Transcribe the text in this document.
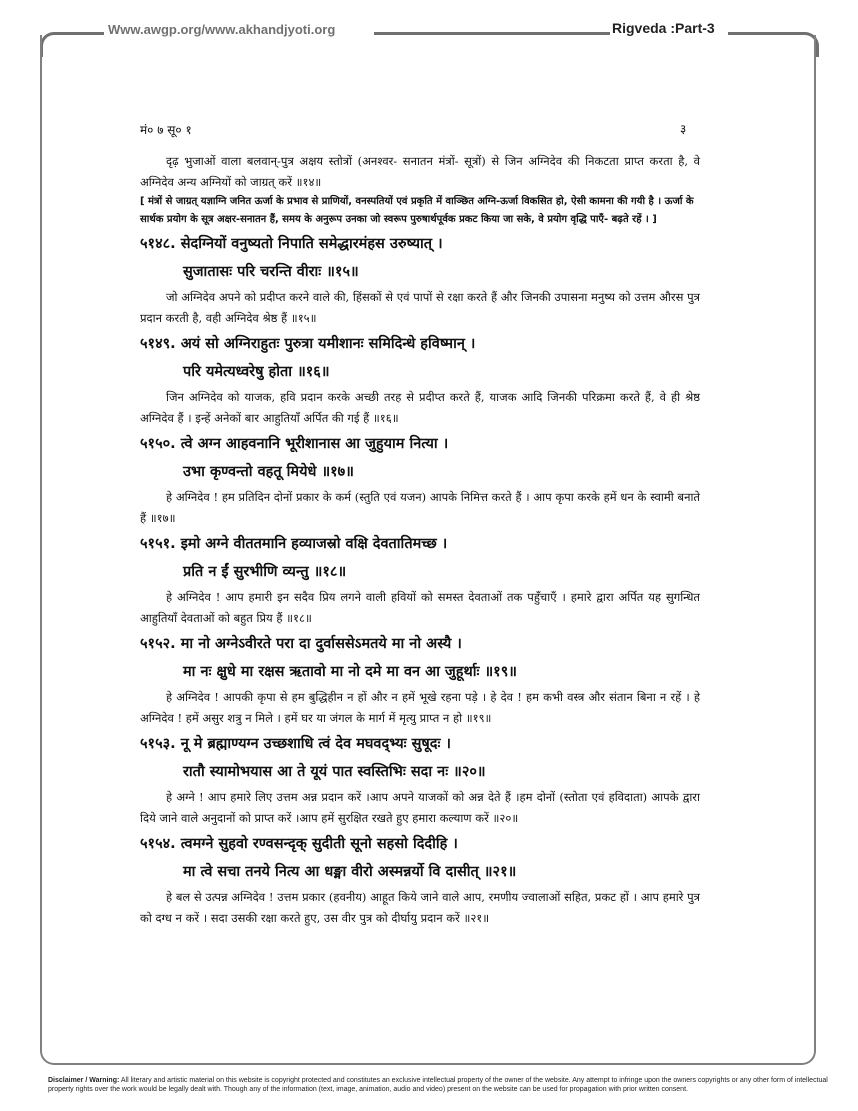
Www.awgp.org/www.akhandjyoti.org	Rigveda :Part-3
मं० ७ सू० १	३
दृढ़ भुजाओं वाला बलवान्-पुत्र अक्षय स्तोत्रों (अनश्वर- सनातन मंत्रों- सूत्रों) से जिन अग्निदेव की निकटता प्राप्त करता है, वे अग्निदेव अन्य अग्नियों को जाग्रत् करें ॥१४॥
[ मंत्रों से जाग्रत् यज्ञाग्नि जनित ऊर्जा के प्रभाव से प्राणियों, वनस्पतियों एवं प्रकृति में वाञ्छित अग्नि-ऊर्जा विकसित हो, ऐसी कामना की गयी है । ऊर्जा के सार्थक प्रयोग के सूत्र अक्षर-सनातन हैं, समय के अनुरूप उनका जो स्वरूप पुरुषार्थपूर्वक प्रकट किया जा सके, वे प्रयोग वृद्धि पाएँ- बढ़ते रहें । ]
५१४८. सेदग्नियों वनुष्यतो निपाति समेद्धारमंहस उरुष्यात् ।
सुजातासः परि चरन्ति वीराः ॥१५॥
जो अग्निदेव अपने को प्रदीप्त करने वाले की, हिंसकों से एवं पापों से रक्षा करते हैं और जिनकी उपासना मनुष्य को उत्तम औरस पुत्र प्रदान करती है, वही अग्निदेव श्रेष्ठ हैं ॥१५॥
५१४९. अयं सो अग्निराहुतः पुरुत्रा यमीशानः समिदिन्धे हविष्मान् ।
परि यमेत्यध्वरेषु होता ॥१६॥
जिन अग्निदेव को याजक, हवि प्रदान करके अच्छी तरह से प्रदीप्त करते हैं, याजक आदि जिनकी परिक्रमा करते हैं, वे ही श्रेष्ठ अग्निदेव हैं । इन्हें अनेकों बार आहुतियाँ अर्पित की गई हैं ॥१६॥
५१५०. त्वे अग्न आहवनानि भूरीशानास आ जुहुयाम नित्या ।
उभा कृण्वन्तो वहतू मियेधे ॥१७॥
हे अग्निदेव ! हम प्रतिदिन दोनों प्रकार के कर्म (स्तुति एवं यजन) आपके निमित्त करते हैं । आप कृपा करके हमें धन के स्वामी बनाते हैं ॥१७॥
५१५१. इमो अग्ने वीततमानि हव्याजस्रो वक्षि देवतातिमच्छ ।
प्रति न ईं सुरभीणि व्यन्तु ॥१८॥
हे अग्निदेव ! आप हमारी इन सदैव प्रिय लगने वाली हवियों को समस्त देवताओं तक पहुँचाएँ । हमारे द्वारा अर्पित यह सुगन्धित आहुतियाँ देवताओं को बहुत प्रिय हैं ॥१८॥
५१५२. मा नो अग्नेऽवीरते परा दा दुर्वाससेऽमतये मा नो अस्यै ।
मा नः क्षुधे मा रक्षस ऋतावो मा नो दमे मा वन आ जुहूर्थाः ॥१९॥
हे अग्निदेव ! आपकी कृपा से हम बुद्धिहीन न हों और न हमें भूखे रहना पड़े । हे देव ! हम कभी वस्त्र और संतान बिना न रहें । हे अग्निदेव ! हमें असुर शत्रु न मिले । हमें घर या जंगल के मार्ग में मृत्यु प्राप्त न हो ॥१९॥
५१५३. नू मे ब्रह्माण्यग्न उच्छशाधि त्वं देव मघवद्भ्यः सुषूदः ।
रातौ स्यामोभयास आ ते यूयं पात स्वस्तिभिः सदा नः ॥२०॥
हे अग्ने ! आप हमारे लिए उत्तम अन्न प्रदान करें ।आप अपने याजकों को अन्न देते हैं ।हम दोनों (स्तोता एवं हविदाता) आपके द्वारा दिये जाने वाले अनुदानों को प्राप्त करें ।आप हमें सुरक्षित रखते हुए हमारा कल्याण करें ॥२०॥
५१५४. त्वमग्ने सुहवो रण्वसन्दृक् सुदीती सूनो सहसो दिदीहि ।
मा त्वे सचा तनये नित्य आ धङ्मा वीरो अस्मन्नर्यो वि दासीत् ॥२१॥
हे बल से उत्पन्न अग्निदेव ! उत्तम प्रकार (हवनीय) आहूत किये जाने वाले आप, रमणीय ज्वालाओं सहित, प्रकट हों । आप हमारे पुत्र को दग्ध न करें । सदा उसकी रक्षा करते हुए, उस वीर पुत्र को दीर्घायु प्रदान करें ॥२१॥
Disclaimer / Warning: All literary and artistic material on this website is copyright protected and constitutes an exclusive intellectual property of the owner of the website. Any attempt to infringe upon the owners copyrights or any other form of intellectual property rights over the work would be legally dealt with. Though any of the information (text, image, animation, audio and video) present on the website can be used for propagation with prior written consent.
